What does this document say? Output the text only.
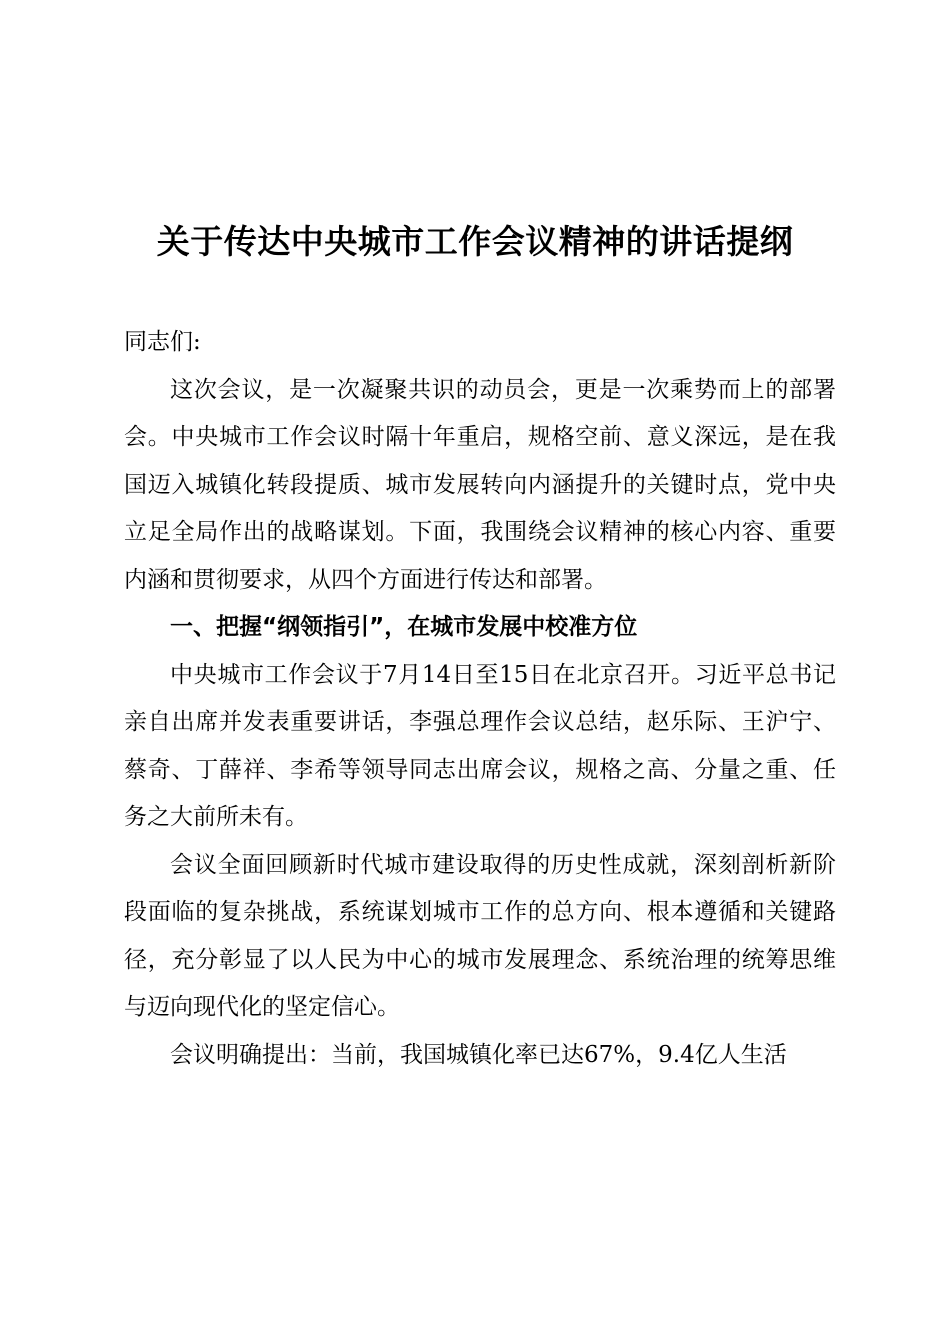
关于传达中央城市工作会议精神的讲话提纲

同志们:

这次会议，是一次凝聚共识的动员会，更是一次乘势而上的部署会。中央城市工作会议时隔十年重启，规格空前、意义深远，是在我国迈入城镇化转段提质、城市发展转向内涵提升的关键时点，党中央立足全局作出的战略谋划。下面，我围绕会议精神的核心内容、重要内涵和贯彻要求，从四个方面进行传达和部署。

一、把握“纲领指引”，在城市发展中校准方位

中央城市工作会议于7月14日至15日在北京召开。习近平总书记亲自出席并发表重要讲话，李强总理作会议总结，赵乐际、王沪宁、蔡奇、丁薛祥、李希等领导同志出席会议，规格之高、分量之重、任务之大前所未有。

会议全面回顾新时代城市建设取得的历史性成就，深刻剖析新阶段面临的复杂挑战，系统谋划城市工作的总方向、根本遵循和关键路径，充分彰显了以人民为中心的城市发展理念、系统治理的统筹思维与迈向现代化的坚定信心。

会议明确提出：当前，我国城镇化率已达67%，9.4亿人生活
